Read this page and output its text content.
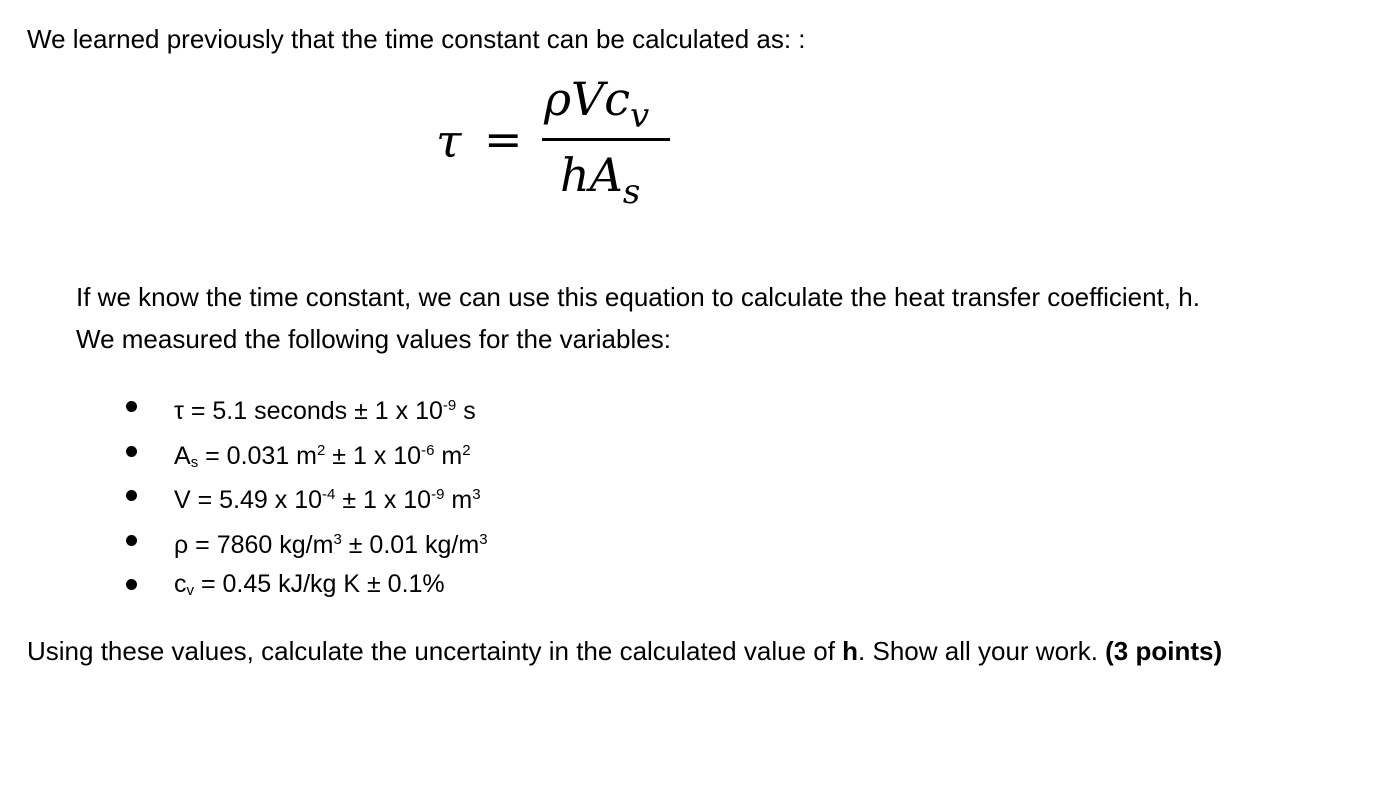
We learned previously that the time constant can be calculated as: :
τ =
ρVc$_v$
$hA_s$
If we know the time constant, we can use this equation to calculate the heat transfer coefficient, h.
We measured the following values for the variables:
τ = 5.1 seconds ± 1 x $10^{-9}$ s
$A_s = 0.031$ $m^2 \pm 1$ x $10^{-6}$ $m^2$
V = 5.49 x $10^{-4} \pm 1$ x $10^{-9}$ $m^3$
ρ = 7860 $kg/m^3 \pm 0.01$ $kg/m^3$
$c_v = 0.45$ kJ/kg K ± 0.1%
Using these values, calculate the uncertainty in the calculated value of h. Show all your work. (3 points)
